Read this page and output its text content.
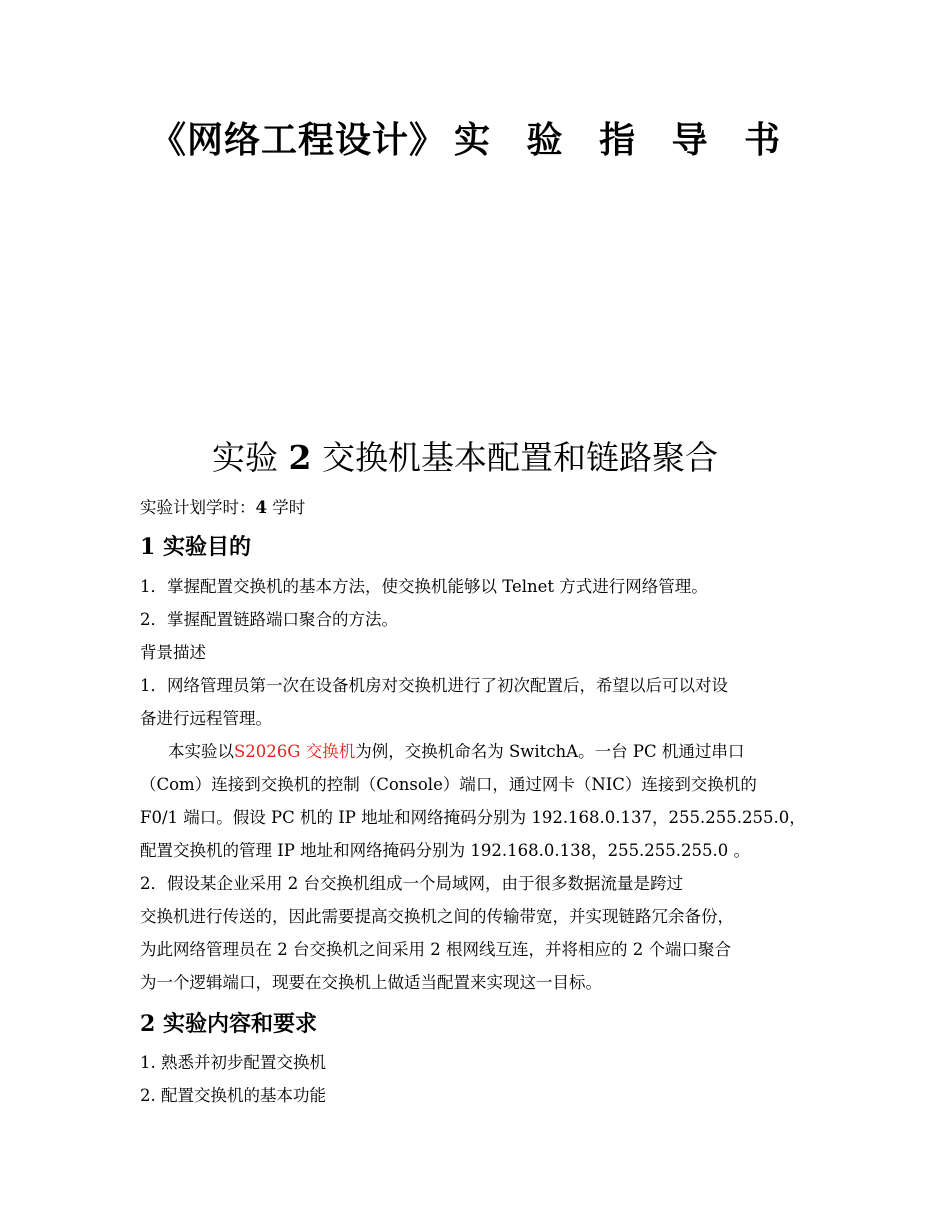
《网络工程设计》 实 验 指 导 书
实验 2 交换机基本配置和链路聚合
实验计划学时：4 学时
1 实验目的
1．掌握配置交换机的基本方法，使交换机能够以 Telnet 方式进行网络管理。
2．掌握配置链路端口聚合的方法。
背景描述
1．网络管理员第一次在设备机房对交换机进行了初次配置后，希望以后可以对设
备进行远程管理。
本实验以S2026G 交换机为例，交换机命名为 SwitchA。一台 PC 机通过串口
（Com）连接到交换机的控制（Console）端口，通过网卡（NIC）连接到交换机的
F0/1 端口。假设 PC 机的 IP 地址和网络掩码分别为 192.168.0.137，255.255.255.0，
配置交换机的管理 IP 地址和网络掩码分别为 192.168.0.138，255.255.255.0 。
2．假设某企业采用 2 台交换机组成一个局域网，由于很多数据流量是跨过
交换机进行传送的，因此需要提高交换机之间的传输带宽，并实现链路冗余备份，
为此网络管理员在 2 台交换机之间采用 2 根网线互连，并将相应的 2 个端口聚合
为一个逻辑端口，现要在交换机上做适当配置来实现这一目标。
2 实验内容和要求
1. 熟悉并初步配置交换机
2. 配置交换机的基本功能
